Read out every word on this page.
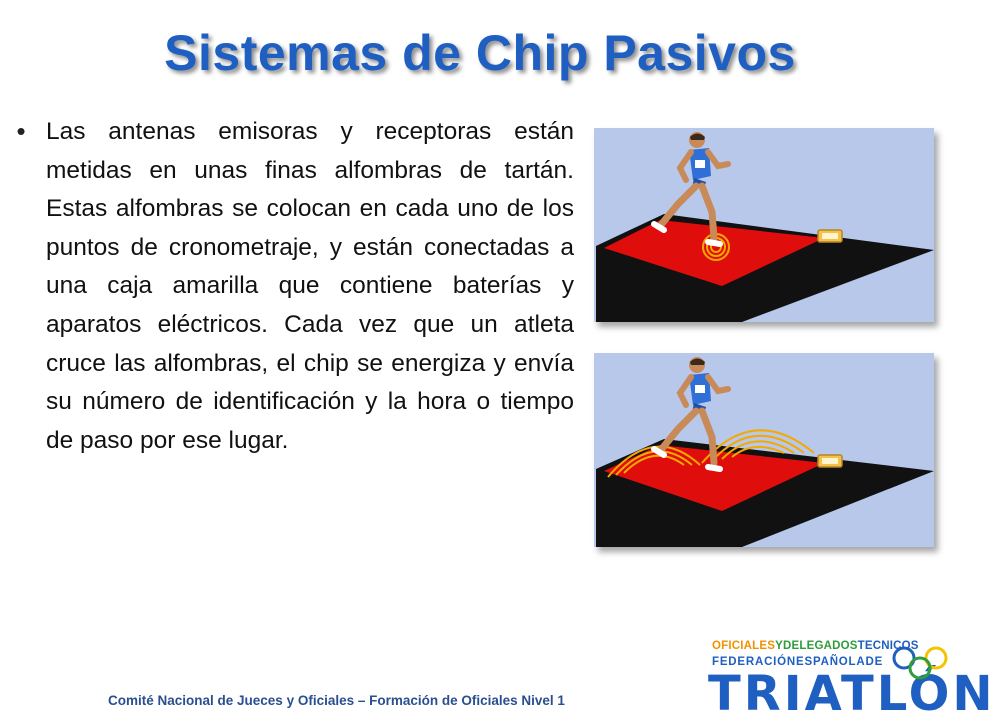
Sistemas de Chip Pasivos
• Las antenas emisoras y receptoras están metidas en unas finas alfombras de tartán. Estas alfombras se colocan en cada uno de los puntos de cronometraje, y están conectadas a una caja amarilla que contiene baterías y aparatos eléctricos. Cada vez que un atleta cruce las alfombras, el chip se energiza y envía su número de identificación y la hora o tiempo de paso por ese lugar.
Comité Nacional de Jueces y Oficiales – Formación de Oficiales Nivel 1
OFICIALESYDELEGADOSTECNICOS
FEDERACIÓNESPAÑOLADE
TRIATLÓN
